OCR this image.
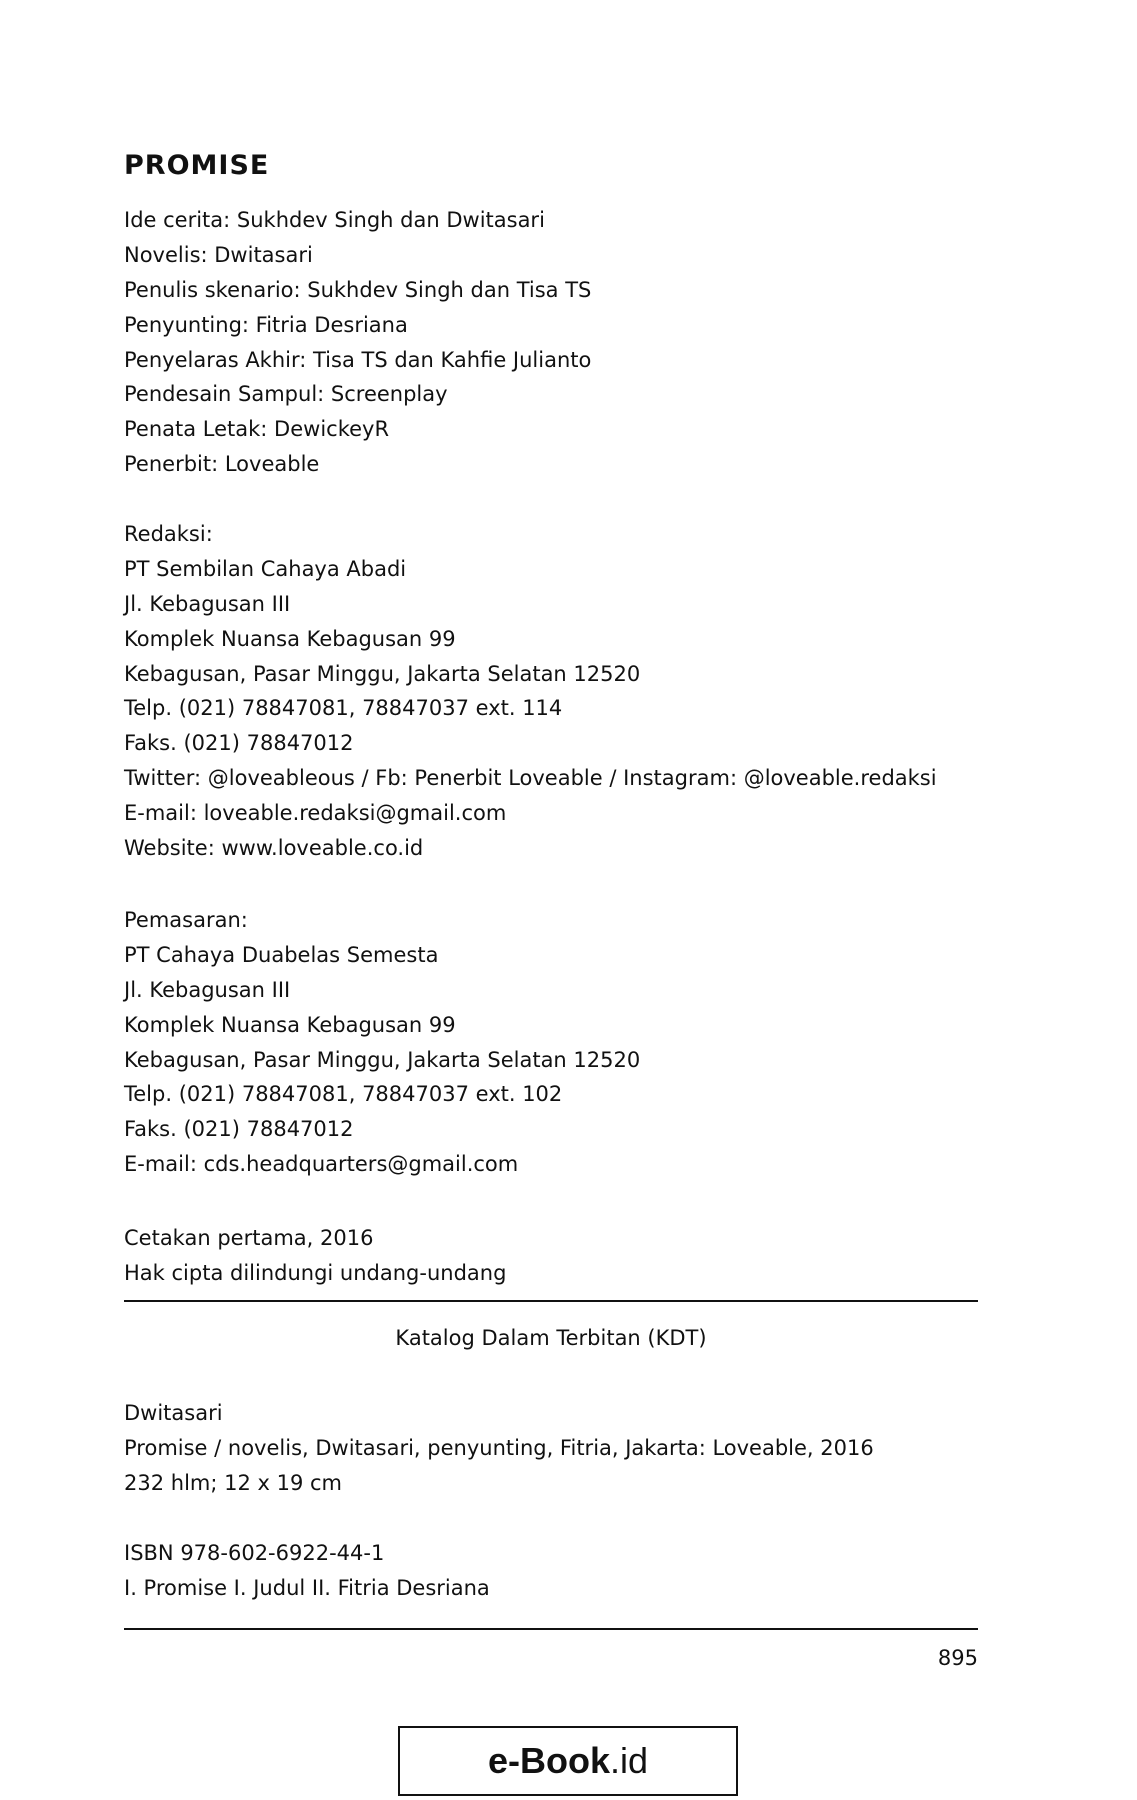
PROMISE
Ide cerita: Sukhdev Singh dan Dwitasari
Novelis: Dwitasari
Penulis skenario: Sukhdev Singh dan Tisa TS
Penyunting: Fitria Desriana
Penyelaras Akhir: Tisa TS dan Kahfie Julianto
Pendesain Sampul: Screenplay
Penata Letak: DewickeyR
Penerbit: Loveable
Redaksi:
PT Sembilan Cahaya Abadi
Jl. Kebagusan III
Komplek Nuansa Kebagusan 99
Kebagusan, Pasar Minggu, Jakarta Selatan 12520
Telp. (021) 78847081, 78847037 ext. 114
Faks. (021) 78847012
Twitter: @loveableous / Fb: Penerbit Loveable / Instagram: @loveable.redaksi
E-mail: loveable.redaksi@gmail.com
Website: www.loveable.co.id
Pemasaran:
PT Cahaya Duabelas Semesta
Jl. Kebagusan III
Komplek Nuansa Kebagusan 99
Kebagusan, Pasar Minggu, Jakarta Selatan 12520
Telp. (021) 78847081, 78847037 ext. 102
Faks. (021) 78847012
E-mail: cds.headquarters@gmail.com
Cetakan pertama, 2016
Hak cipta dilindungi undang-undang
Katalog Dalam Terbitan (KDT)
Dwitasari
Promise / novelis, Dwitasari, penyunting, Fitria, Jakarta: Loveable, 2016
232 hlm; 12 x 19 cm
ISBN 978-602-6922-44-1
I. Promise I. Judul II. Fitria Desriana
895
e-Book .id
